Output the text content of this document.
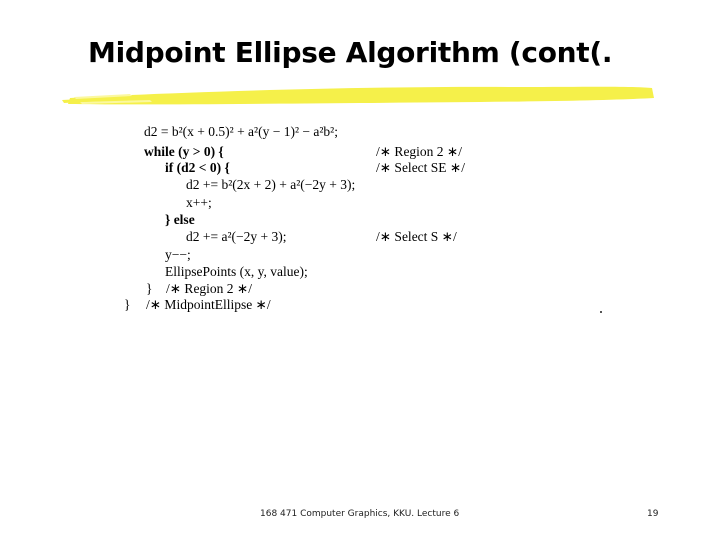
Midpoint Ellipse Algorithm (cont(.
d2 = b²(x + 0.5)² + a²(y − 1)² − a²b²;
while (y > 0) {	/∗ Region 2 ∗/
if (d2 < 0) {	/∗ Select SE ∗/
d2 += b²(2x + 2) + a²(−2y + 3);
x++;
} else
d2 += a²(−2y + 3);	/∗ Select S ∗/
y−−;
EllipsePoints (x, y, value);
} /∗ Region 2 ∗/
} /∗ MidpointEllipse ∗/
168 471 Computer Graphics, KKU. Lecture 6	19
